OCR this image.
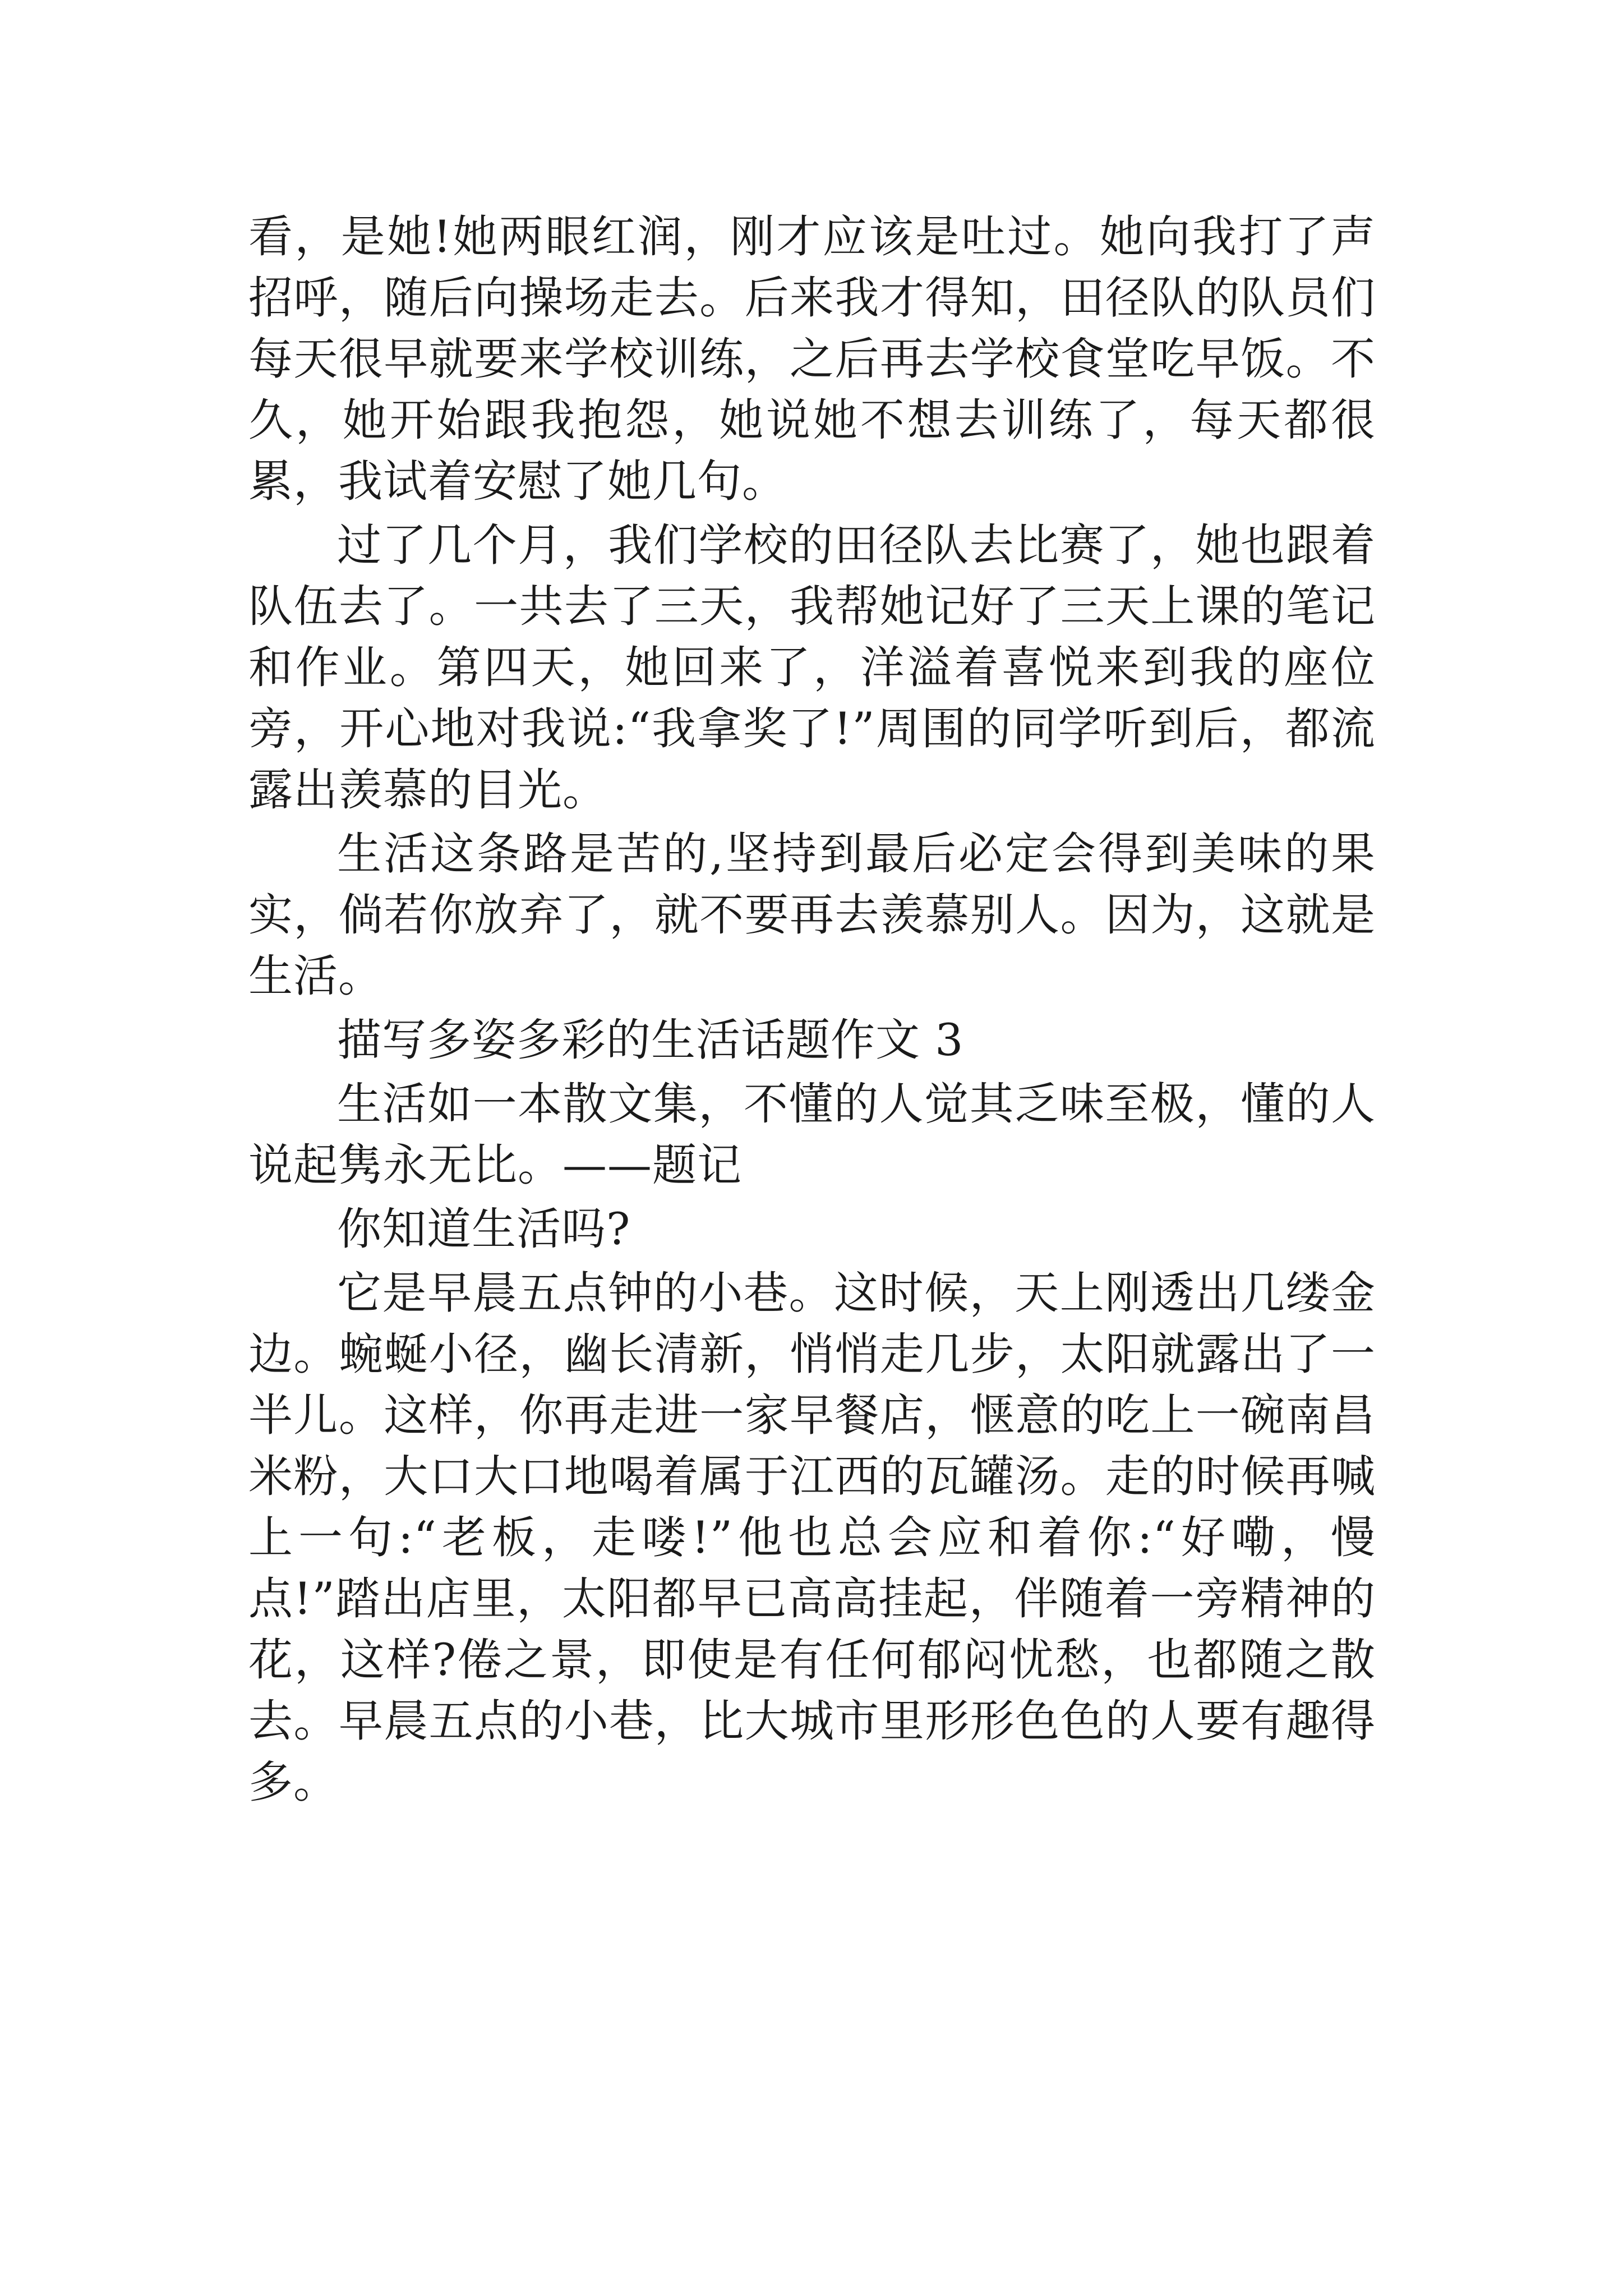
看，是她!她两眼红润，刚才应该是吐过。她向我打了声招呼，随后向操场走去。后来我才得知，田径队的队员们每天很早就要来学校训练，之后再去学校食堂吃早饭。不久，她开始跟我抱怨，她说她不想去训练了，每天都很累，我试着安慰了她几句。

过了几个月，我们学校的田径队去比赛了，她也跟着队伍去了。一共去了三天，我帮她记好了三天上课的笔记和作业。第四天，她回来了，洋溢着喜悦来到我的座位旁，开心地对我说:“我拿奖了!”周围的同学听到后，都流露出羡慕的目光。

生活这条路是苦的,坚持到最后必定会得到美味的果实，倘若你放弃了，就不要再去羡慕别人。因为，这就是生活。

描写多姿多彩的生活话题作文 3

生活如一本散文集，不懂的人觉其乏味至极，懂的人说起隽永无比。——题记

你知道生活吗?

它是早晨五点钟的小巷。这时候，天上刚透出几缕金边。蜿蜒小径，幽长清新，悄悄走几步，太阳就露出了一半儿。这样，你再走进一家早餐店，惬意的吃上一碗南昌米粉，大口大口地喝着属于江西的瓦罐汤。走的时候再喊上一句:“老板，走喽!”他也总会应和着你:“好嘞，慢点!”踏出店里，太阳都早已高高挂起，伴随着一旁精神的花，这样?倦之景，即使是有任何郁闷忧愁，也都随之散去。早晨五点的小巷，比大城市里形形色色的人要有趣得多。
